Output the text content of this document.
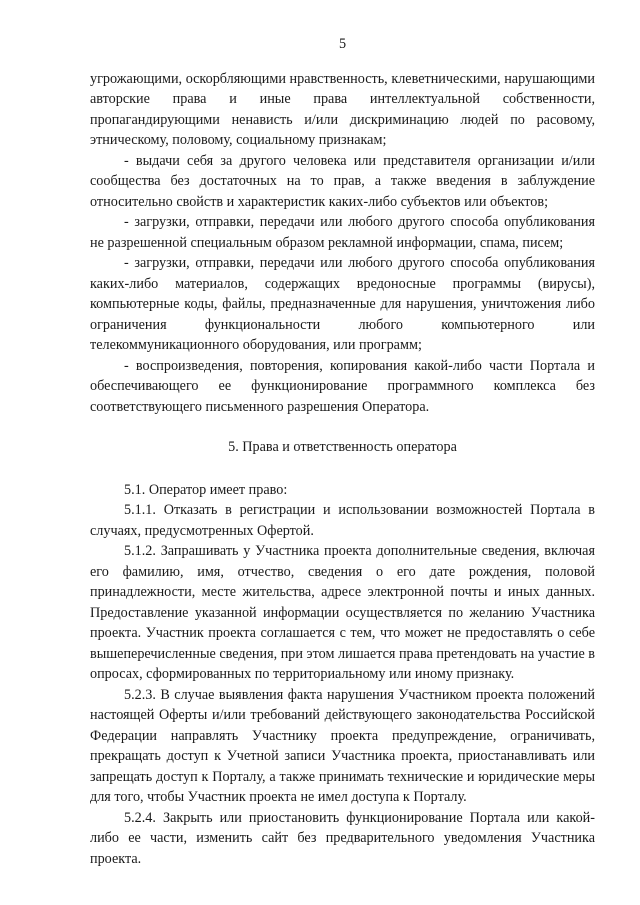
5

угрожающими, оскорбляющими нравственность, клеветническими, нарушающими авторские права и иные права интеллектуальной собственности, пропагандирующими ненависть и/или дискриминацию людей по расовому, этническому, половому, социальному признакам;

- выдачи себя за другого человека или представителя организации и/или сообщества без достаточных на то прав, а также введения в заблуждение относительно свойств и характеристик каких-либо субъектов или объектов;

- загрузки, отправки, передачи или любого другого способа опубликования не разрешенной специальным образом рекламной информации, спама, писем;

- загрузки, отправки, передачи или любого другого способа опубликования каких-либо материалов, содержащих вредоносные программы (вирусы), компьютерные коды, файлы, предназначенные для нарушения, уничтожения либо ограничения функциональности любого компьютерного или телекоммуникационного оборудования, или программ;

- воспроизведения, повторения, копирования какой-либо части Портала и обеспечивающего ее функционирование программного комплекса без соответствующего письменного разрешения Оператора.

5. Права и ответственность оператора

5.1. Оператор имеет право:

5.1.1. Отказать в регистрации и использовании возможностей Портала в случаях, предусмотренных Офертой.

5.1.2. Запрашивать у Участника проекта дополнительные сведения, включая его фамилию, имя, отчество, сведения о его дате рождения, половой принадлежности, месте жительства, адресе электронной почты и иных данных. Предоставление указанной информации осуществляется по желанию Участника проекта. Участник проекта соглашается с тем, что может не предоставлять о себе вышеперечисленные сведения, при этом лишается права претендовать на участие в опросах, сформированных по территориальному или иному признаку.

5.2.3. В случае выявления факта нарушения Участником проекта положений настоящей Оферты и/или требований действующего законодательства Российской Федерации направлять Участнику проекта предупреждение, ограничивать, прекращать доступ к Учетной записи Участника проекта, приостанавливать или запрещать доступ к Порталу, а также принимать технические и юридические меры для того, чтобы Участник проекта не имел доступа к Порталу.

5.2.4. Закрыть или приостановить функционирование Портала или какой-либо ее части, изменить сайт без предварительного уведомления Участника проекта.
